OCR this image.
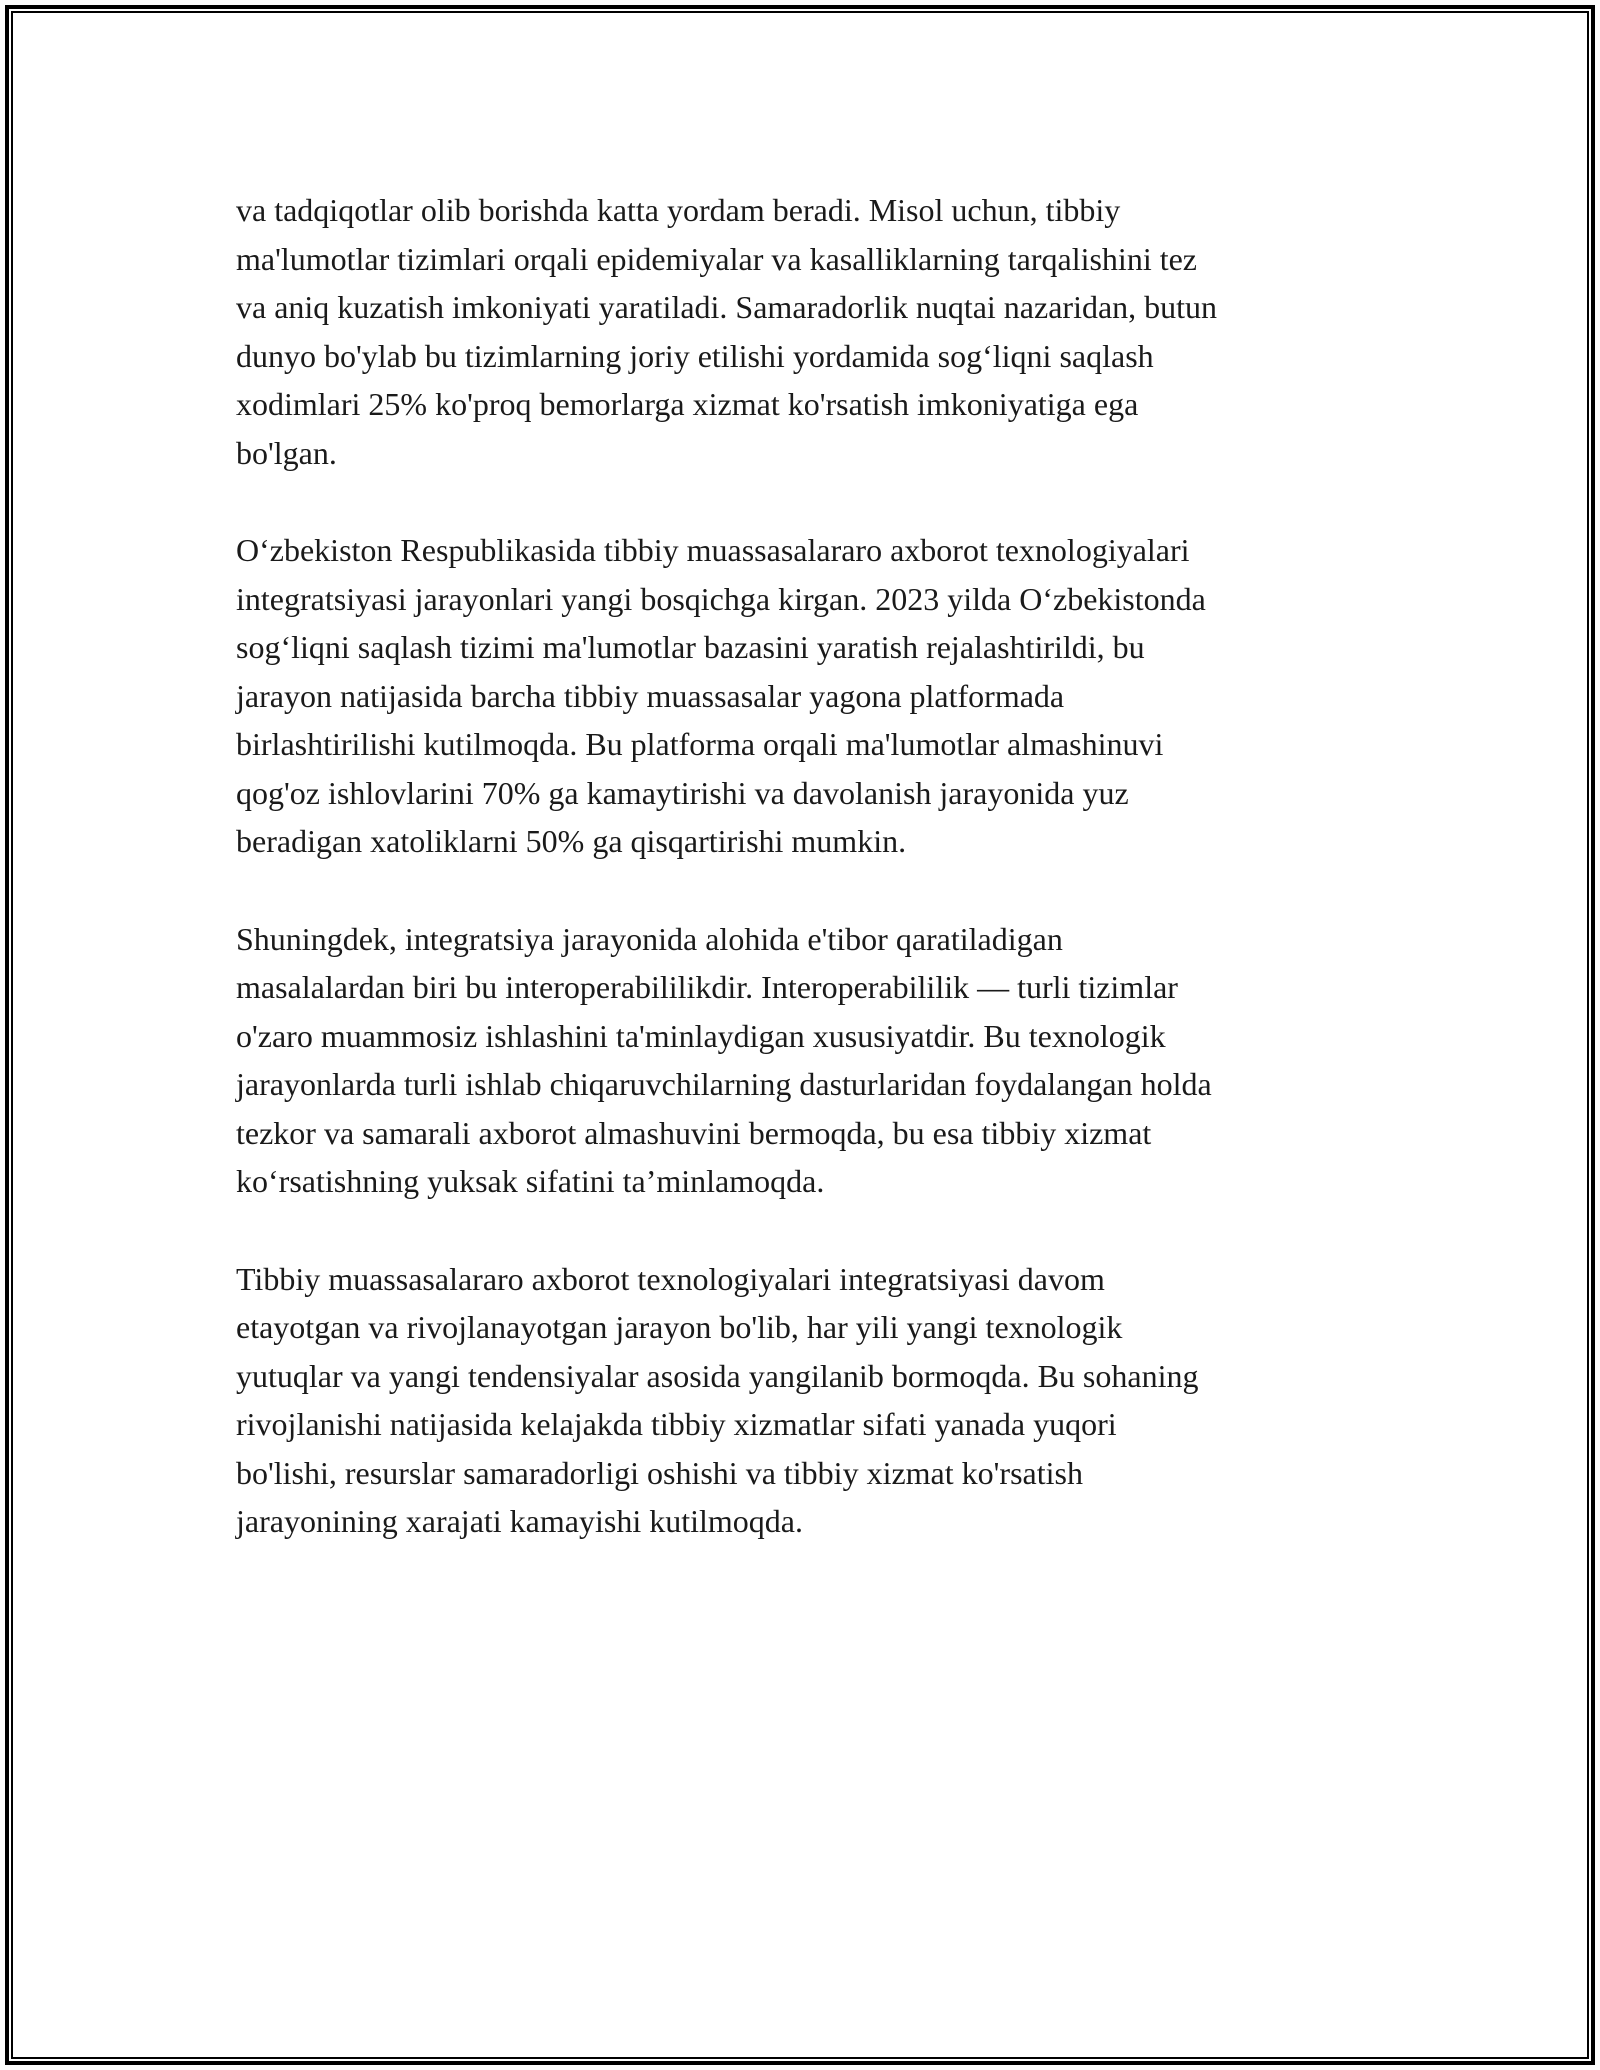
va tadqiqotlar olib borishda katta yordam beradi. Misol uchun, tibbiy
ma'lumotlar tizimlari orqali epidemiyalar va kasalliklarning tarqalishini tez
va aniq kuzatish imkoniyati yaratiladi. Samaradorlik nuqtai nazaridan, butun
dunyo bo'ylab bu tizimlarning joriy etilishi yordamida sog‘liqni saqlash
xodimlari 25% ko'proq bemorlarga xizmat ko'rsatish imkoniyatiga ega
bo'lgan.

O‘zbekiston Respublikasida tibbiy muassasalararo axborot texnologiyalari
integratsiyasi jarayonlari yangi bosqichga kirgan. 2023 yilda O‘zbekistonda
sog‘liqni saqlash tizimi ma'lumotlar bazasini yaratish rejalashtirildi, bu
jarayon natijasida barcha tibbiy muassasalar yagona platformada
birlashtirilishi kutilmoqda. Bu platforma orqali ma'lumotlar almashinuvi
qog'oz ishlovlarini 70% ga kamaytirishi va davolanish jarayonida yuz
beradigan xatoliklarni 50% ga qisqartirishi mumkin.

Shuningdek, integratsiya jarayonida alohida e'tibor qaratiladigan
masalalardan biri bu interoperabililikdir. Interoperabililik — turli tizimlar
o'zaro muammosiz ishlashini ta'minlaydigan xususiyatdir. Bu texnologik
jarayonlarda turli ishlab chiqaruvchilarning dasturlaridan foydalangan holda
tezkor va samarali axborot almashuvini bermoqda, bu esa tibbiy xizmat
ko‘rsatishning yuksak sifatini ta’minlamoqda.

Tibbiy muassasalararo axborot texnologiyalari integratsiyasi davom
etayotgan va rivojlanayotgan jarayon bo'lib, har yili yangi texnologik
yutuqlar va yangi tendensiyalar asosida yangilanib bormoqda. Bu sohaning
rivojlanishi natijasida kelajakda tibbiy xizmatlar sifati yanada yuqori
bo'lishi, resurslar samaradorligi oshishi va tibbiy xizmat ko'rsatish
jarayonining xarajati kamayishi kutilmoqda.
